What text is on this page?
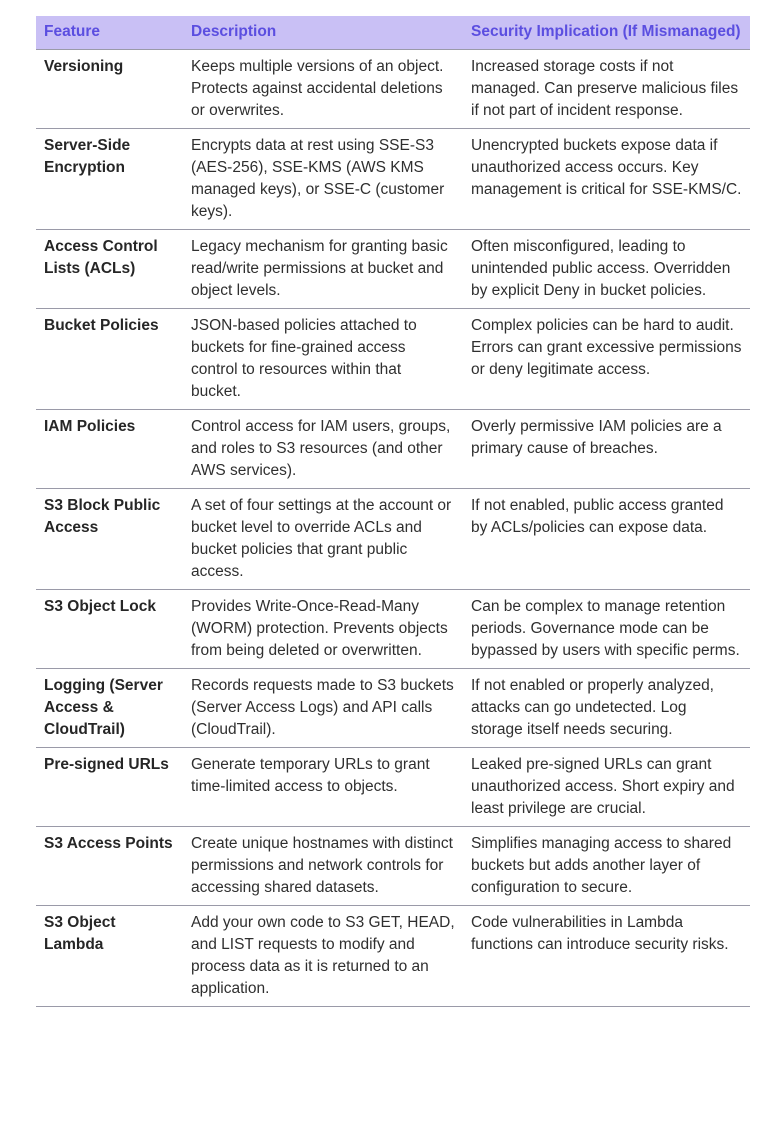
Feature	Description	Security Implication (If Mismanaged)
Versioning	Keeps multiple versions of an object. Protects against accidental deletions or overwrites.	Increased storage costs if not managed. Can preserve malicious files if not part of incident response.
Server-Side Encryption	Encrypts data at rest using SSE-S3 (AES-256), SSE-KMS (AWS KMS managed keys), or SSE-C (customer keys).	Unencrypted buckets expose data if unauthorized access occurs. Key management is critical for SSE-KMS/C.
Access Control Lists (ACLs)	Legacy mechanism for granting basic read/write permissions at bucket and object levels.	Often misconfigured, leading to unintended public access. Overridden by explicit Deny in bucket policies.
Bucket Policies	JSON-based policies attached to buckets for fine-grained access control to resources within that bucket.	Complex policies can be hard to audit. Errors can grant excessive permissions or deny legitimate access.
IAM Policies	Control access for IAM users, groups, and roles to S3 resources (and other AWS services).	Overly permissive IAM policies are a primary cause of breaches.
S3 Block Public Access	A set of four settings at the account or bucket level to override ACLs and bucket policies that grant public access.	If not enabled, public access granted by ACLs/policies can expose data.
S3 Object Lock	Provides Write-Once-Read-Many (WORM) protection. Prevents objects from being deleted or overwritten.	Can be complex to manage retention periods. Governance mode can be bypassed by users with specific perms.
Logging (Server Access & CloudTrail)	Records requests made to S3 buckets (Server Access Logs) and API calls (CloudTrail).	If not enabled or properly analyzed, attacks can go undetected. Log storage itself needs securing.
Pre-signed URLs	Generate temporary URLs to grant time-limited access to objects.	Leaked pre-signed URLs can grant unauthorized access. Short expiry and least privilege are crucial.
S3 Access Points	Create unique hostnames with distinct permissions and network controls for accessing shared datasets.	Simplifies managing access to shared buckets but adds another layer of configuration to secure.
S3 Object Lambda	Add your own code to S3 GET, HEAD, and LIST requests to modify and process data as it is returned to an application.	Code vulnerabilities in Lambda functions can introduce security risks.
